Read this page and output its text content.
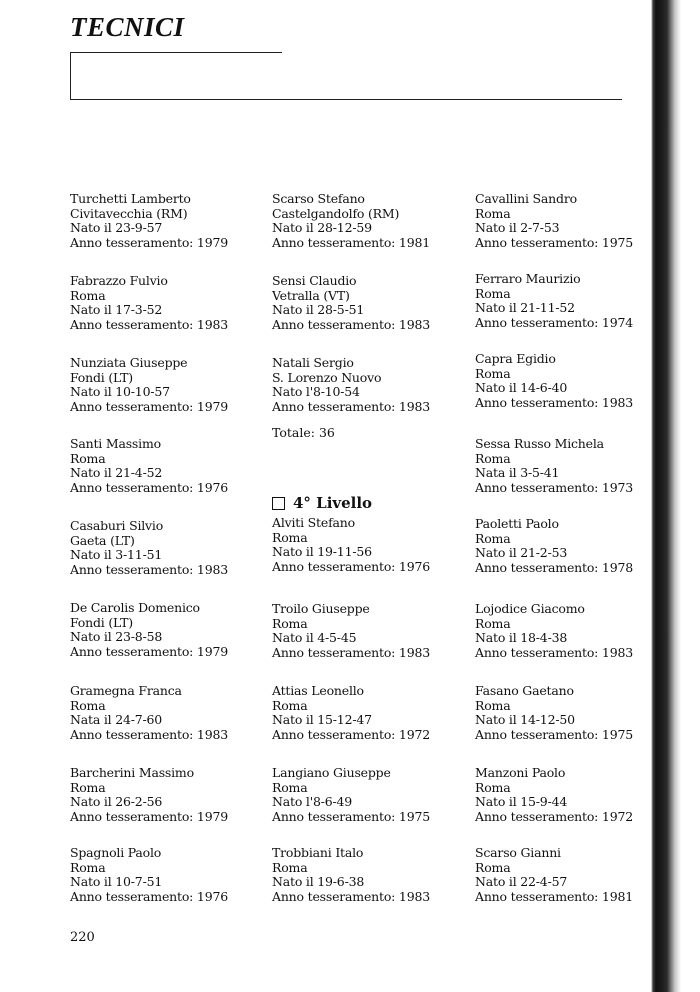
TECNICI
Turchetti Lamberto
Civitavecchia (RM)
Nato il 23-9-57
Anno tesseramento: 1979
Fabrazzo Fulvio
Roma
Nato il 17-3-52
Anno tesseramento: 1983
Nunziata Giuseppe
Fondi (LT)
Nato il 10-10-57
Anno tesseramento: 1979
Santi Massimo
Roma
Nato il 21-4-52
Anno tesseramento: 1976
Casaburi Silvio
Gaeta (LT)
Nato il 3-11-51
Anno tesseramento: 1983
De Carolis Domenico
Fondi (LT)
Nato il 23-8-58
Anno tesseramento: 1979
Gramegna Franca
Roma
Nata il 24-7-60
Anno tesseramento: 1983
Barcherini Massimo
Roma
Nato il 26-2-56
Anno tesseramento: 1979
Spagnoli Paolo
Roma
Nato il 10-7-51
Anno tesseramento: 1976
Scarso Stefano
Castelgandolfo (RM)
Nato il 28-12-59
Anno tesseramento: 1981
Sensi Claudio
Vetralla (VT)
Nato il 28-5-51
Anno tesseramento: 1983
Natali Sergio
S. Lorenzo Nuovo
Nato l'8-10-54
Anno tesseramento: 1983
Alviti Stefano
Roma
Nato il 19-11-56
Anno tesseramento: 1976
Troilo Giuseppe
Roma
Nato il 4-5-45
Anno tesseramento: 1983
Attias Leonello
Roma
Nato il 15-12-47
Anno tesseramento: 1972
Langiano Giuseppe
Roma
Nato l'8-6-49
Anno tesseramento: 1975
Trobbiani Italo
Roma
Nato il 19-6-38
Anno tesseramento: 1983
Cavallini Sandro
Roma
Nato il 2-7-53
Anno tesseramento: 1975
Ferraro Maurizio
Roma
Nato il 21-11-52
Anno tesseramento: 1974
Capra Egidio
Roma
Nato il 14-6-40
Anno tesseramento: 1983
Sessa Russo Michela
Roma
Nata il 3-5-41
Anno tesseramento: 1973
Paoletti Paolo
Roma
Nato il 21-2-53
Anno tesseramento: 1978
Lojodice Giacomo
Roma
Nato il 18-4-38
Anno tesseramento: 1983
Fasano Gaetano
Roma
Nato il 14-12-50
Anno tesseramento: 1975
Manzoni Paolo
Roma
Nato il 15-9-44
Anno tesseramento: 1972
Scarso Gianni
Roma
Nato il 22-4-57
Anno tesseramento: 1981
Totale: 36
4° Livello
220
